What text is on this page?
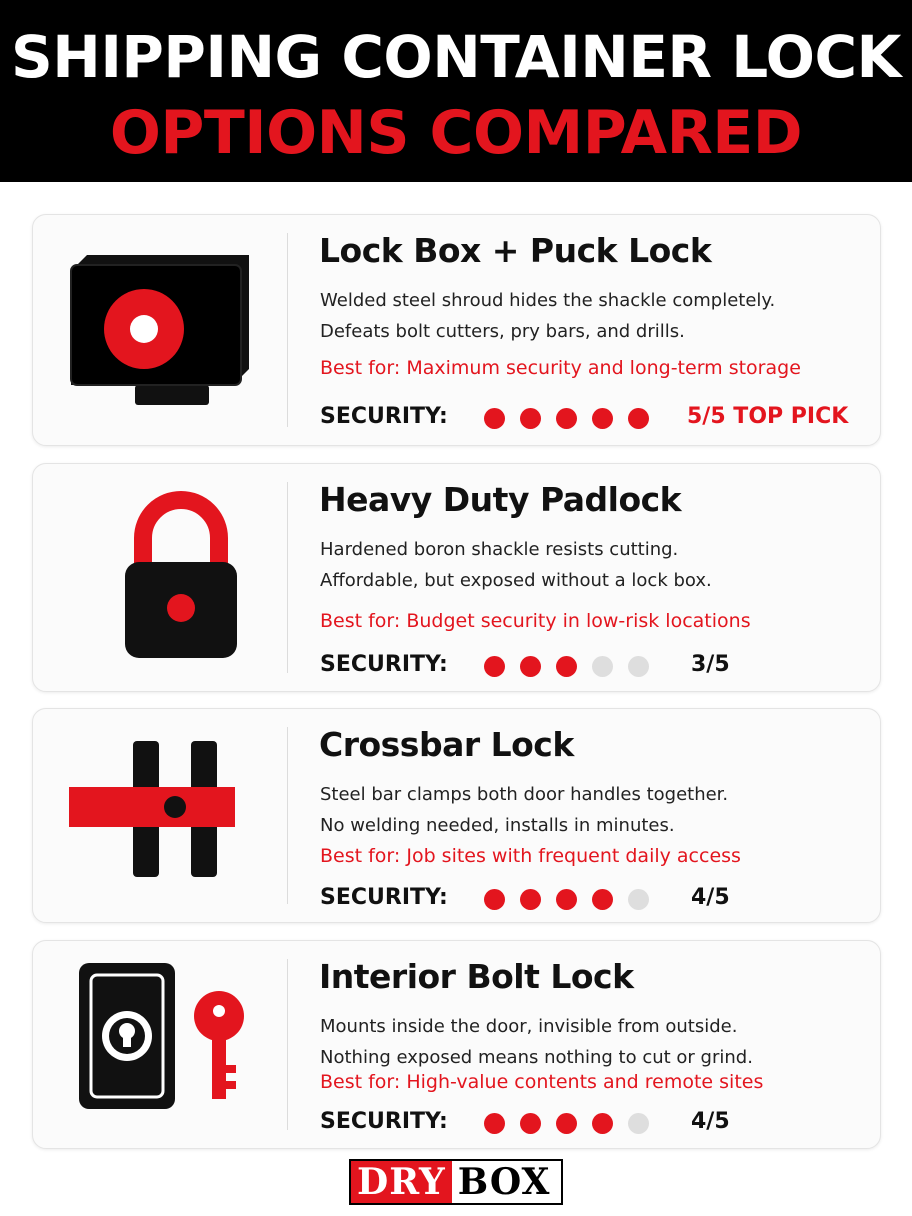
SHIPPING CONTAINER LOCK
OPTIONS COMPARED
Lock Box + Puck Lock
Welded steel shroud hides the shackle completely.
Defeats bolt cutters, pry bars, and drills.
Best for: Maximum security and long-term storage
SECURITY:	5/5 TOP PICK
Heavy Duty Padlock
Hardened boron shackle resists cutting.
Affordable, but exposed without a lock box.
Best for: Budget security in low-risk locations
SECURITY:	3/5
Crossbar Lock
Steel bar clamps both door handles together.
No welding needed, installs in minutes.
Best for: Job sites with frequent daily access
SECURITY:	4/5
Interior Bolt Lock
Mounts inside the door, invisible from outside.
Nothing exposed means nothing to cut or grind.
Best for: High-value contents and remote sites
SECURITY:	4/5
DRY BOX
